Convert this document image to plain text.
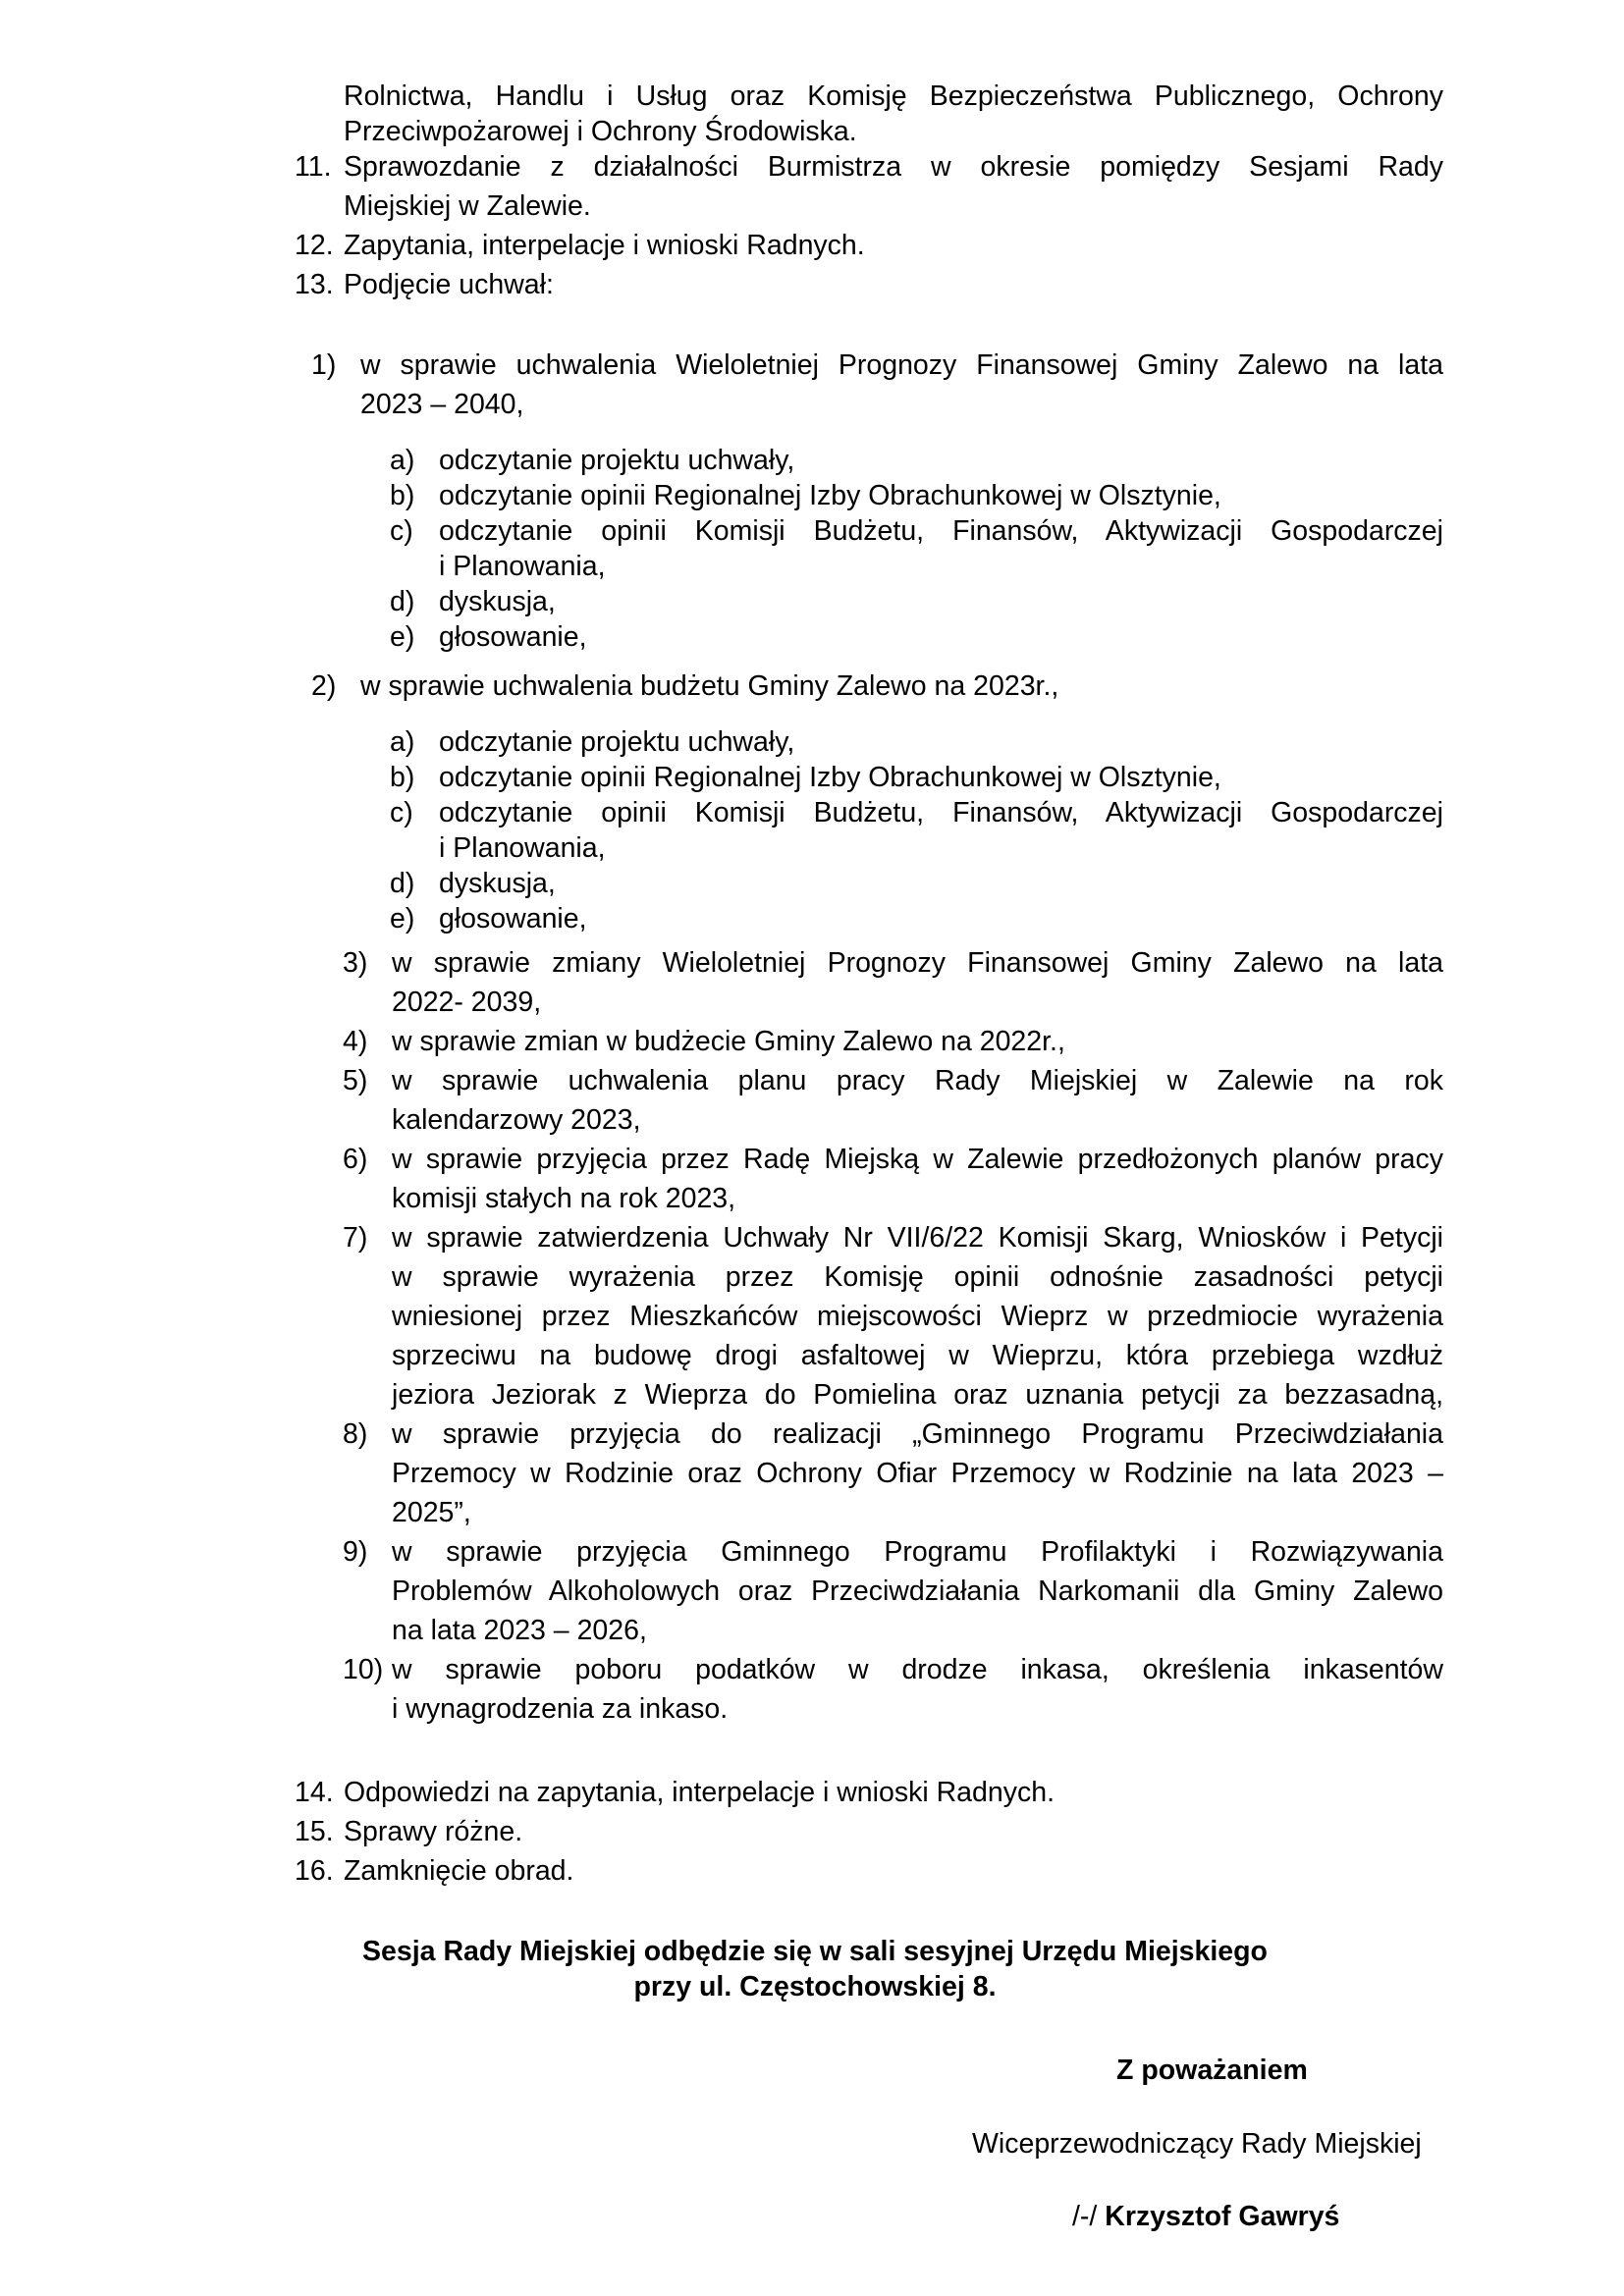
Rolnictwa, Handlu i Usług oraz Komisję Bezpieczeństwa Publicznego, Ochrony
Przeciwpożarowej i Ochrony Środowiska.
11. Sprawozdanie z działalności Burmistrza w okresie pomiędzy Sesjami Rady
Miejskiej w Zalewie.
12. Zapytania, interpelacje i wnioski Radnych.
13. Podjęcie uchwał:
1) w sprawie uchwalenia Wieloletniej Prognozy Finansowej Gminy Zalewo na lata
2023 – 2040,
a) odczytanie projektu uchwały,
b) odczytanie opinii Regionalnej Izby Obrachunkowej w Olsztynie,
c) odczytanie opinii Komisji Budżetu, Finansów, Aktywizacji Gospodarczej
i Planowania,
d) dyskusja,
e) głosowanie,
2) w sprawie uchwalenia budżetu Gminy Zalewo na 2023r.,
a) odczytanie projektu uchwały,
b) odczytanie opinii Regionalnej Izby Obrachunkowej w Olsztynie,
c) odczytanie opinii Komisji Budżetu, Finansów, Aktywizacji Gospodarczej
i Planowania,
d) dyskusja,
e) głosowanie,
3) w sprawie zmiany Wieloletniej Prognozy Finansowej Gminy Zalewo na lata
2022- 2039,
4) w sprawie zmian w budżecie Gminy Zalewo na 2022r.,
5) w sprawie uchwalenia planu pracy Rady Miejskiej w Zalewie na rok
kalendarzowy 2023,
6) w sprawie przyjęcia przez Radę Miejską w Zalewie przedłożonych planów pracy
komisji stałych na rok 2023,
7) w sprawie zatwierdzenia Uchwały Nr VII/6/22 Komisji Skarg, Wniosków i Petycji
w sprawie wyrażenia przez Komisję opinii odnośnie zasadności petycji
wniesionej przez Mieszkańców miejscowości Wieprz w przedmiocie wyrażenia
sprzeciwu na budowę drogi asfaltowej w Wieprzu, która przebiega wzdłuż
jeziora Jeziorak z Wieprza do Pomielina oraz uznania petycji za bezzasadną,
8) w sprawie przyjęcia do realizacji „Gminnego Programu Przeciwdziałania
Przemocy w Rodzinie oraz Ochrony Ofiar Przemocy w Rodzinie na lata 2023 –
2025”,
9) w sprawie przyjęcia Gminnego Programu Profilaktyki i Rozwiązywania
Problemów Alkoholowych oraz Przeciwdziałania Narkomanii dla Gminy Zalewo
na lata 2023 – 2026,
10) w sprawie poboru podatków w drodze inkasa, określenia inkasentów
i wynagrodzenia za inkaso.
14. Odpowiedzi na zapytania, interpelacje i wnioski Radnych.
15. Sprawy różne.
16. Zamknięcie obrad.
Sesja Rady Miejskiej odbędzie się w sali sesyjnej Urzędu Miejskiego
przy ul. Częstochowskiej 8.
Z poważaniem
Wiceprzewodniczący Rady Miejskiej
/-/ Krzysztof Gawryś
